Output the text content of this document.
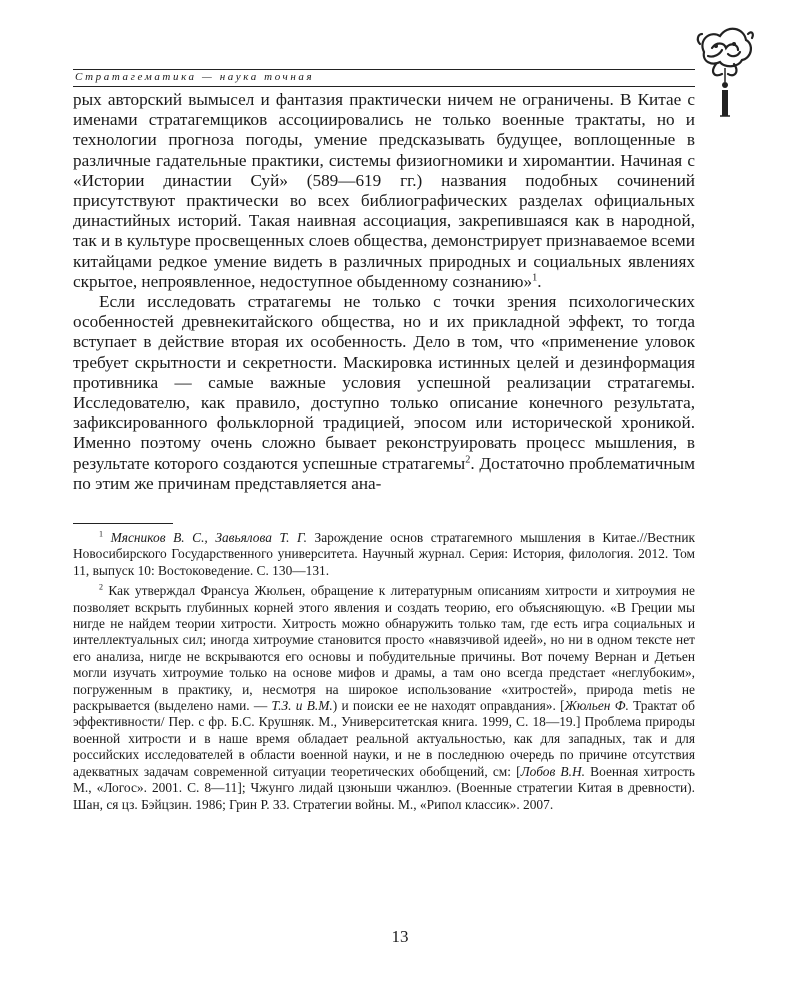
Стратагематика — наука точная

рых авторский вымысел и фантазия практически ничем не ограничены. В Китае с именами стратагемщиков ассоциировались не только военные трактаты, но и технологии прогноза погоды, умение предсказывать будущее, воплощенные в различные гадательные практики, системы физиогномики и хиромантии. Начиная с «Истории династии Суй» (589—619 гг.) названия подобных сочинений присутствуют практически во всех библиографических разделах официальных династийных историй. Такая наивная ассоциация, закрепившаяся как в народной, так и в культуре просвещенных слоев общества, демонстрирует признаваемое всеми китайцами редкое умение видеть в различных природных и социальных явлениях скрытое, непроявленное, недоступное обыденному сознанию»$^1$.

Если исследовать стратагемы не только с точки зрения психологических особенностей древнекитайского общества, но и их прикладной эффект, то тогда вступает в действие вторая их особенность. Дело в том, что «применение уловок требует скрытности и секретности. Маскировка истинных целей и дезинформация противника — самые важные условия успешной реализации стратагемы. Исследователю, как правило, доступно только описание конечного результата, зафиксированного фольклорной традицией, эпосом или исторической хроникой. Именно поэтому очень сложно бывает реконструировать процесс мышления, в результате которого создаются успешные стратагемы$^2$. Достаточно проблематичным по этим же причинам представляется ана-

$^1$ Мясников В. С., Завьялова Т. Г. Зарождение основ стратагемного мышления в Китае.//Вестник Новосибирского Государственного университета. Научный журнал. Серия: История, филология. 2012. Том 11, выпуск 10: Востоковедение. С. 130—131.

$^2$ Как утверждал Франсуа Жюльен, обращение к литературным описаниям хитрости и хитроумия не позволяет вскрыть глубинных корней этого явления и создать теорию, его объясняющую. «В Греции мы нигде не найдем теории хитрости. Хитрость можно обнаружить только там, где есть игра социальных и интеллектуальных сил; иногда хитроумие становится просто «навязчивой идеей», но ни в одном тексте нет его анализа, нигде не вскрываются его основы и побудительные причины. Вот почему Вернан и Детьен могли изучать хитроумие только на основе мифов и драмы, а там оно всегда предстает «неглубоким», погруженным в практику, и, несмотря на широкое использование «хитростей», природа metis не раскрывается (выделено нами. — Т.З. и В.М.) и поиски ее не находят оправдания». [Жюльен Ф. Трактат об эффективности/ Пер. с фр. Б.С. Крушняк. М., Университетская книга. 1999, С. 18—19.] Проблема природы военной хитрости и в наше время обладает реальной актуальностью, как для западных, так и для российских исследователей в области военной науки, и не в последнюю очередь по причине отсутствия адекватных задачам современной ситуации теоретических обобщений, см: [Лобов В.Н. Военная хитрость М., «Логос». 2001. С. 8—11]; Чжунго лидай цзюньши чжанлюэ. (Военные стратегии Китая в древности). Шан, ся цз. Бэйцзин. 1986; Грин Р. 33. Стратегии войны. М., «Рипол классик». 2007.

13
